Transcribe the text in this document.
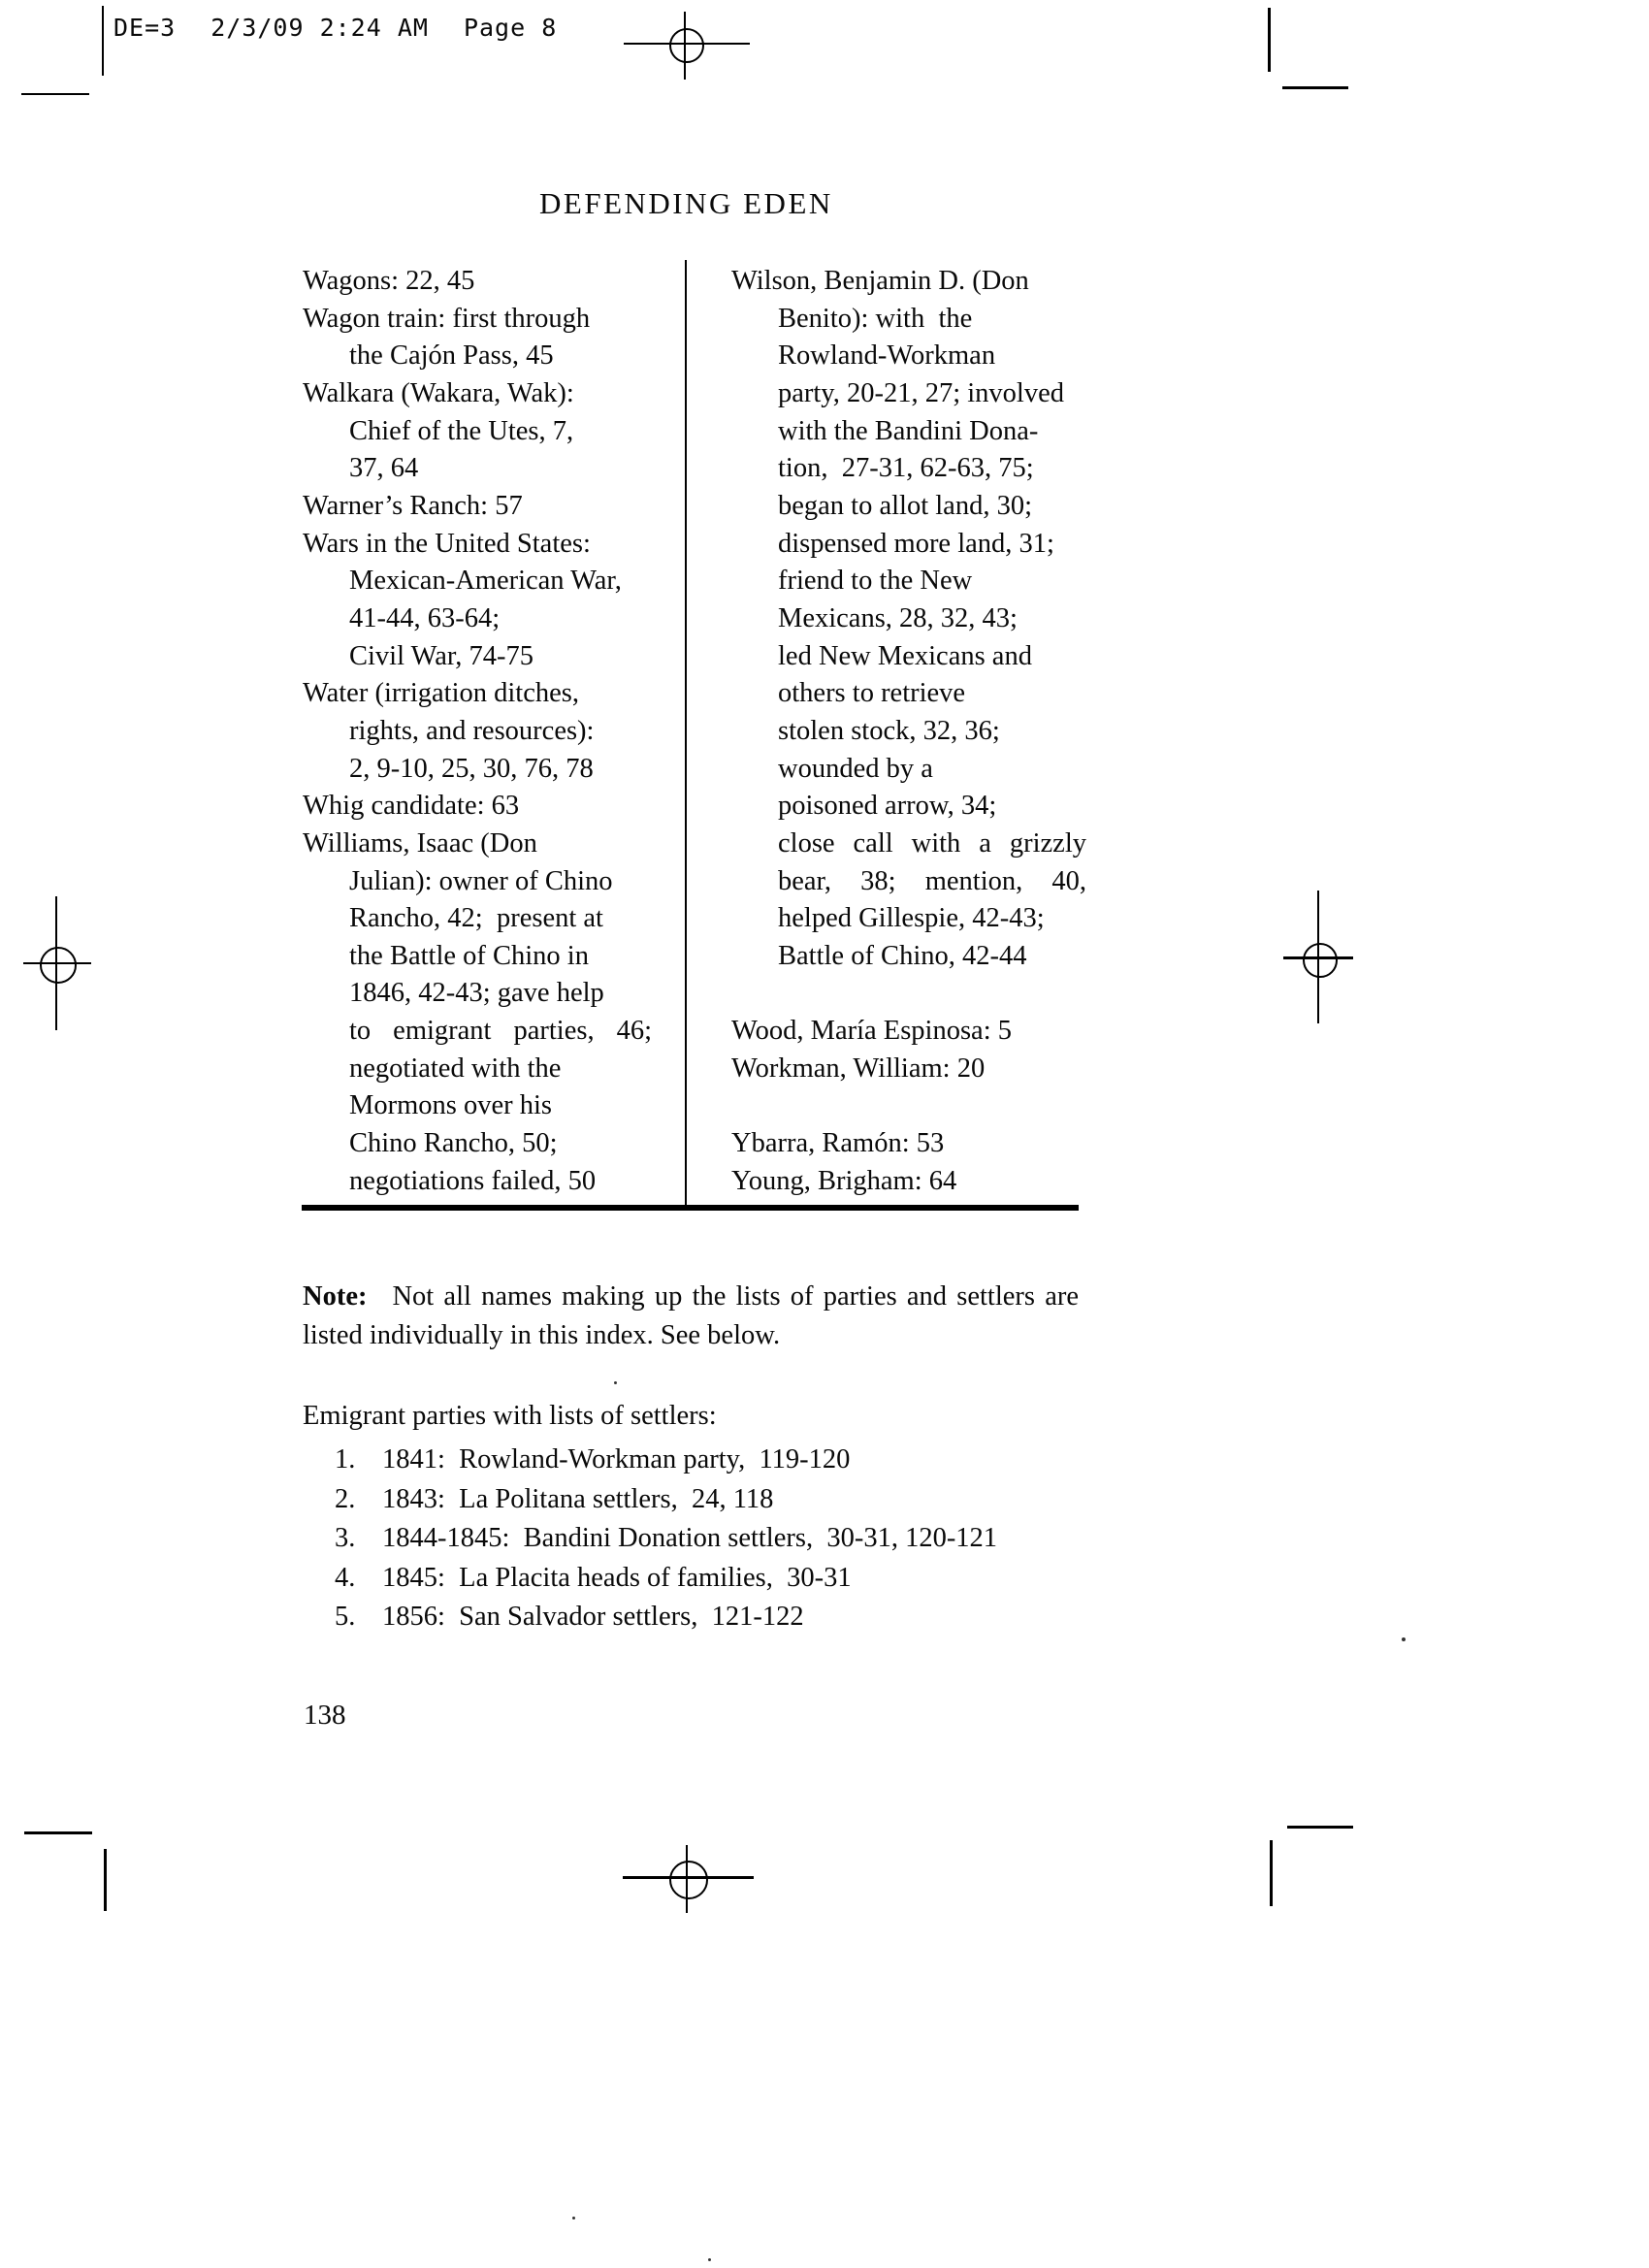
DE=3 2/3/09 2:24 AM Page 8
DEFENDING EDEN
Wagons: 22, 45
Wagon train: first through
the Cajón Pass, 45
Walkara (Wakara, Wak):
Chief of the Utes, 7,
37, 64
Warner’s Ranch: 57
Wars in the United States:
Mexican-American War,
41-44, 63-64;
Civil War, 74-75
Water (irrigation ditches,
rights, and resources):
2, 9-10, 25, 30, 76, 78
Whig candidate: 63
Williams, Isaac (Don
Julian): owner of Chino
Rancho, 42;  present at
the Battle of Chino in
1846, 42-43; gave help
to emigrant parties, 46;
negotiated with the
Mormons over his
Chino Rancho, 50;
negotiations failed, 50
Wilson, Benjamin D. (Don
Benito): with  the
Rowland-Workman
party, 20-21, 27; involved
with the Bandini Dona-
tion,  27-31, 62-63, 75;
began to allot land, 30;
dispensed more land, 31;
friend to the New
Mexicans, 28, 32, 43;
led New Mexicans and
others to retrieve
stolen stock, 32, 36;
wounded by a
poisoned arrow, 34;
close call with a grizzly
bear, 38; mention, 40,
helped Gillespie, 42-43;
Battle of Chino, 42-44
Wood, María Espinosa: 5
Workman, William: 20
Ybarra, Ramón: 53
Young, Brigham: 64
Note: Not all names making up the lists of parties and settlers are listed individually in this index. See below.
Emigrant parties with lists of settlers:
1. 1841:  Rowland-Workman party,  119-120
2. 1843:  La Politana settlers,  24, 118
3. 1844-1845:  Bandini Donation settlers,  30-31, 120-121
4. 1845:  La Placita heads of families,  30-31
5. 1856:  San Salvador settlers,  121-122
138
